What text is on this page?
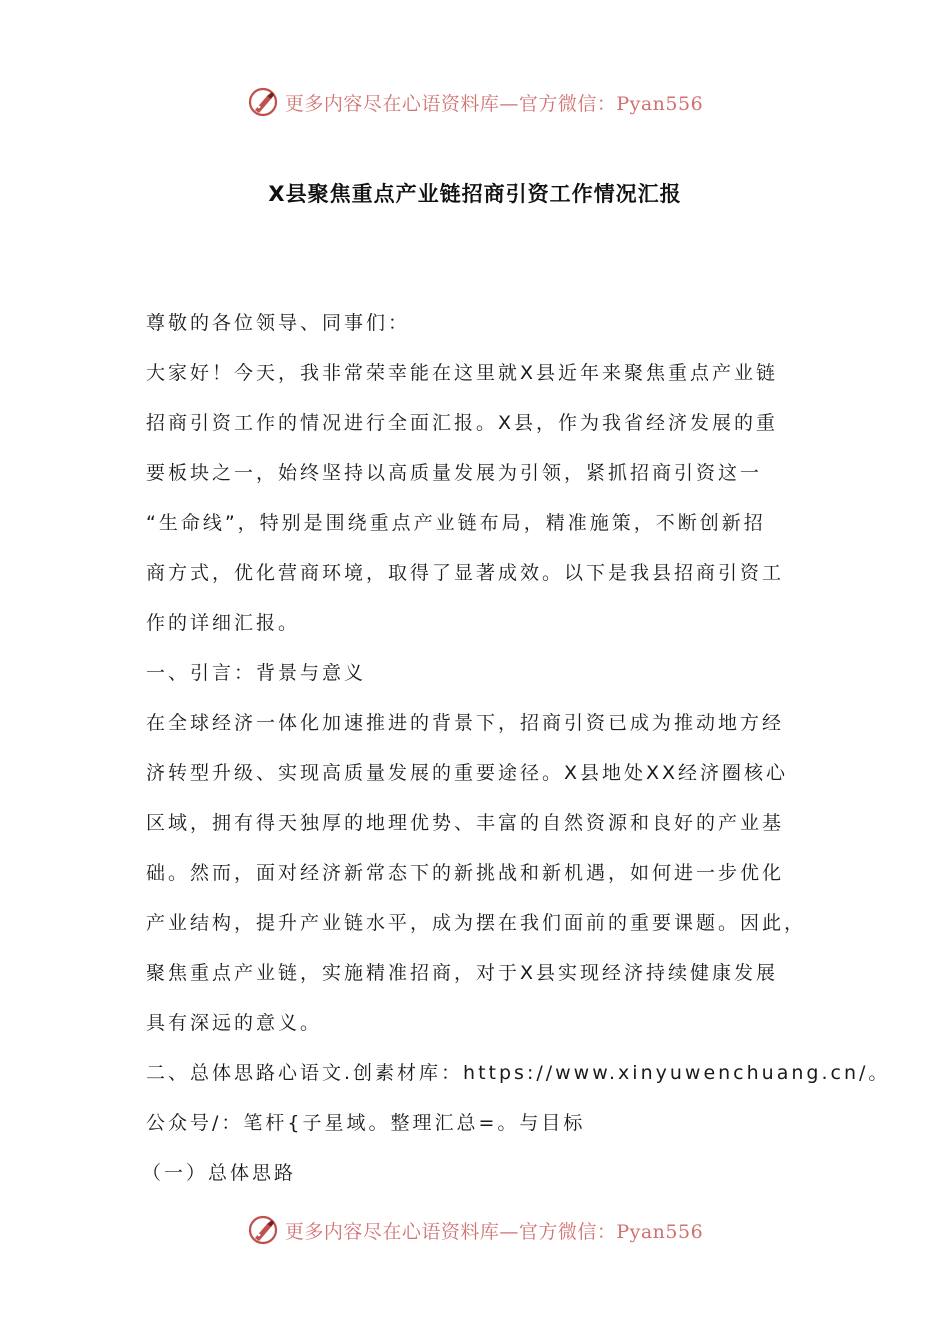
更多内容尽在心语资料库—官方微信：Pyan556
X县聚焦重点产业链招商引资工作情况汇报
尊敬的各位领导、同事们：
大家好！今天，我非常荣幸能在这里就X县近年来聚焦重点产业链
招商引资工作的情况进行全面汇报。X县，作为我省经济发展的重
要板块之一，始终坚持以高质量发展为引领，紧抓招商引资这一
“生命线”，特别是围绕重点产业链布局，精准施策，不断创新招
商方式，优化营商环境，取得了显著成效。以下是我县招商引资工
作的详细汇报。
一、引言：背景与意义
在全球经济一体化加速推进的背景下，招商引资已成为推动地方经
济转型升级、实现高质量发展的重要途径。X县地处XX经济圈核心
区域，拥有得天独厚的地理优势、丰富的自然资源和良好的产业基
础。然而，面对经济新常态下的新挑战和新机遇，如何进一步优化
产业结构，提升产业链水平，成为摆在我们面前的重要课题。因此，
聚焦重点产业链，实施精准招商，对于X县实现经济持续健康发展
具有深远的意义。
二、总体思路心语文.创素材库：https://www.xinyuwenchuang.cn/。
公众号/：笔杆{子星域。整理汇总=。与目标
（一）总体思路
更多内容尽在心语资料库—官方微信：Pyan556
